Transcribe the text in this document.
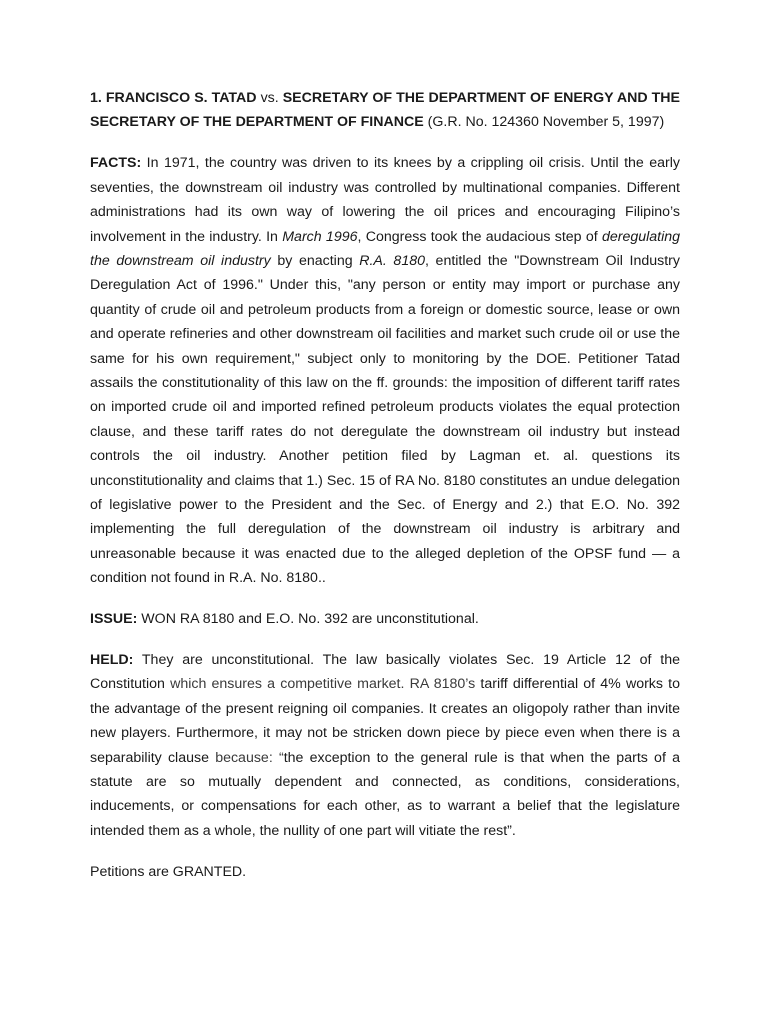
1. FRANCISCO S. TATAD vs. SECRETARY OF THE DEPARTMENT OF ENERGY AND THE SECRETARY OF THE DEPARTMENT OF FINANCE (G.R. No. 124360 November 5, 1997)

FACTS: In 1971, the country was driven to its knees by a crippling oil crisis. Until the early seventies, the downstream oil industry was controlled by multinational companies. Different administrations had its own way of lowering the oil prices and encouraging Filipino’s involvement in the industry. In March 1996, Congress took the audacious step of deregulating the downstream oil industry by enacting R.A. 8180, entitled the "Downstream Oil Industry Deregulation Act of 1996." Under this, "any person or entity may import or purchase any quantity of crude oil and petroleum products from a foreign or domestic source, lease or own and operate refineries and other downstream oil facilities and market such crude oil or use the same for his own requirement," subject only to monitoring by the DOE. Petitioner Tatad assails the constitutionality of this law on the ff. grounds: the imposition of different tariff rates on imported crude oil and imported refined petroleum products violates the equal protection clause, and these tariff rates do not deregulate the downstream oil industry but instead controls the oil industry. Another petition filed by Lagman et. al. questions its unconstitutionality and claims that 1.) Sec. 15 of RA No. 8180 constitutes an undue delegation of legislative power to the President and the Sec. of Energy and 2.) that E.O. No. 392 implementing the full deregulation of the downstream oil industry is arbitrary and unreasonable because it was enacted due to the alleged depletion of the OPSF fund — a condition not found in R.A. No. 8180..

ISSUE: WON RA 8180 and E.O. No. 392 are unconstitutional.

HELD: They are unconstitutional. The law basically violates Sec. 19 Article 12 of the Constitution which ensures a competitive market. RA 8180’s tariff differential of 4% works to the advantage of the present reigning oil companies. It creates an oligopoly rather than invite new players. Furthermore, it may not be stricken down piece by piece even when there is a separability clause because: “the exception to the general rule is that when the parts of a statute are so mutually dependent and connected, as conditions, considerations, inducements, or compensations for each other, as to warrant a belief that the legislature intended them as a whole, the nullity of one part will vitiate the rest”.

Petitions are GRANTED.
